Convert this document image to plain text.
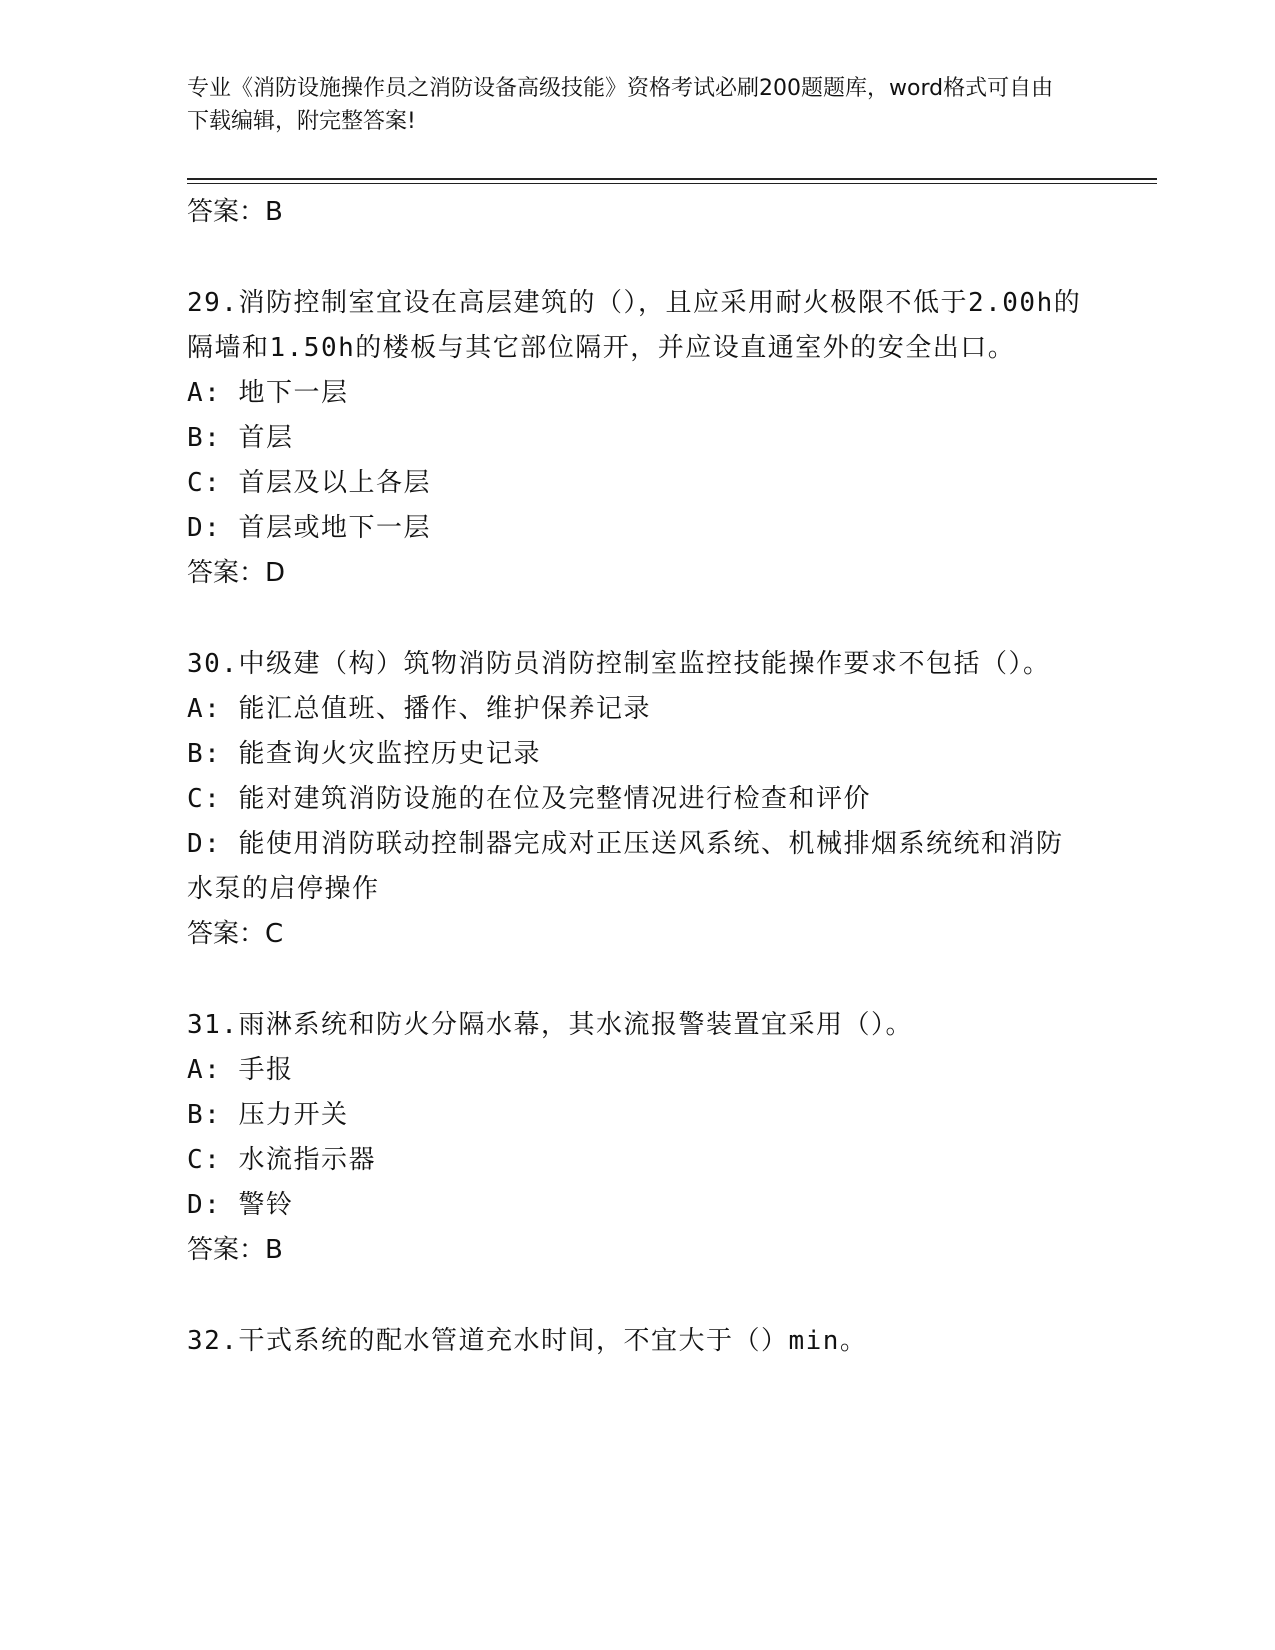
专业《消防设施操作员之消防设备高级技能》资格考试必刷200题题库，word格式可自由下载编辑，附完整答案!
答案：B
29.消防控制室宜设在高层建筑的（），且应采用耐火极限不低于2.00h的隔墙和1.50h的楼板与其它部位隔开，并应设直通室外的安全出口。
A: 地下一层
B: 首层
C: 首层及以上各层
D: 首层或地下一层
答案：D
30.中级建（构）筑物消防员消防控制室监控技能操作要求不包括（）。
A: 能汇总值班、播作、维护保养记录
B: 能查询火灾监控历史记录
C: 能对建筑消防设施的在位及完整情况进行检查和评价
D: 能使用消防联动控制器完成对正压送风系统、机械排烟系统统和消防水泵的启停操作
答案：C
31.雨淋系统和防火分隔水幕，其水流报警装置宜采用（）。
A: 手报
B: 压力开关
C: 水流指示器
D: 警铃
答案：B
32.干式系统的配水管道充水时间，不宜大于（）min。
